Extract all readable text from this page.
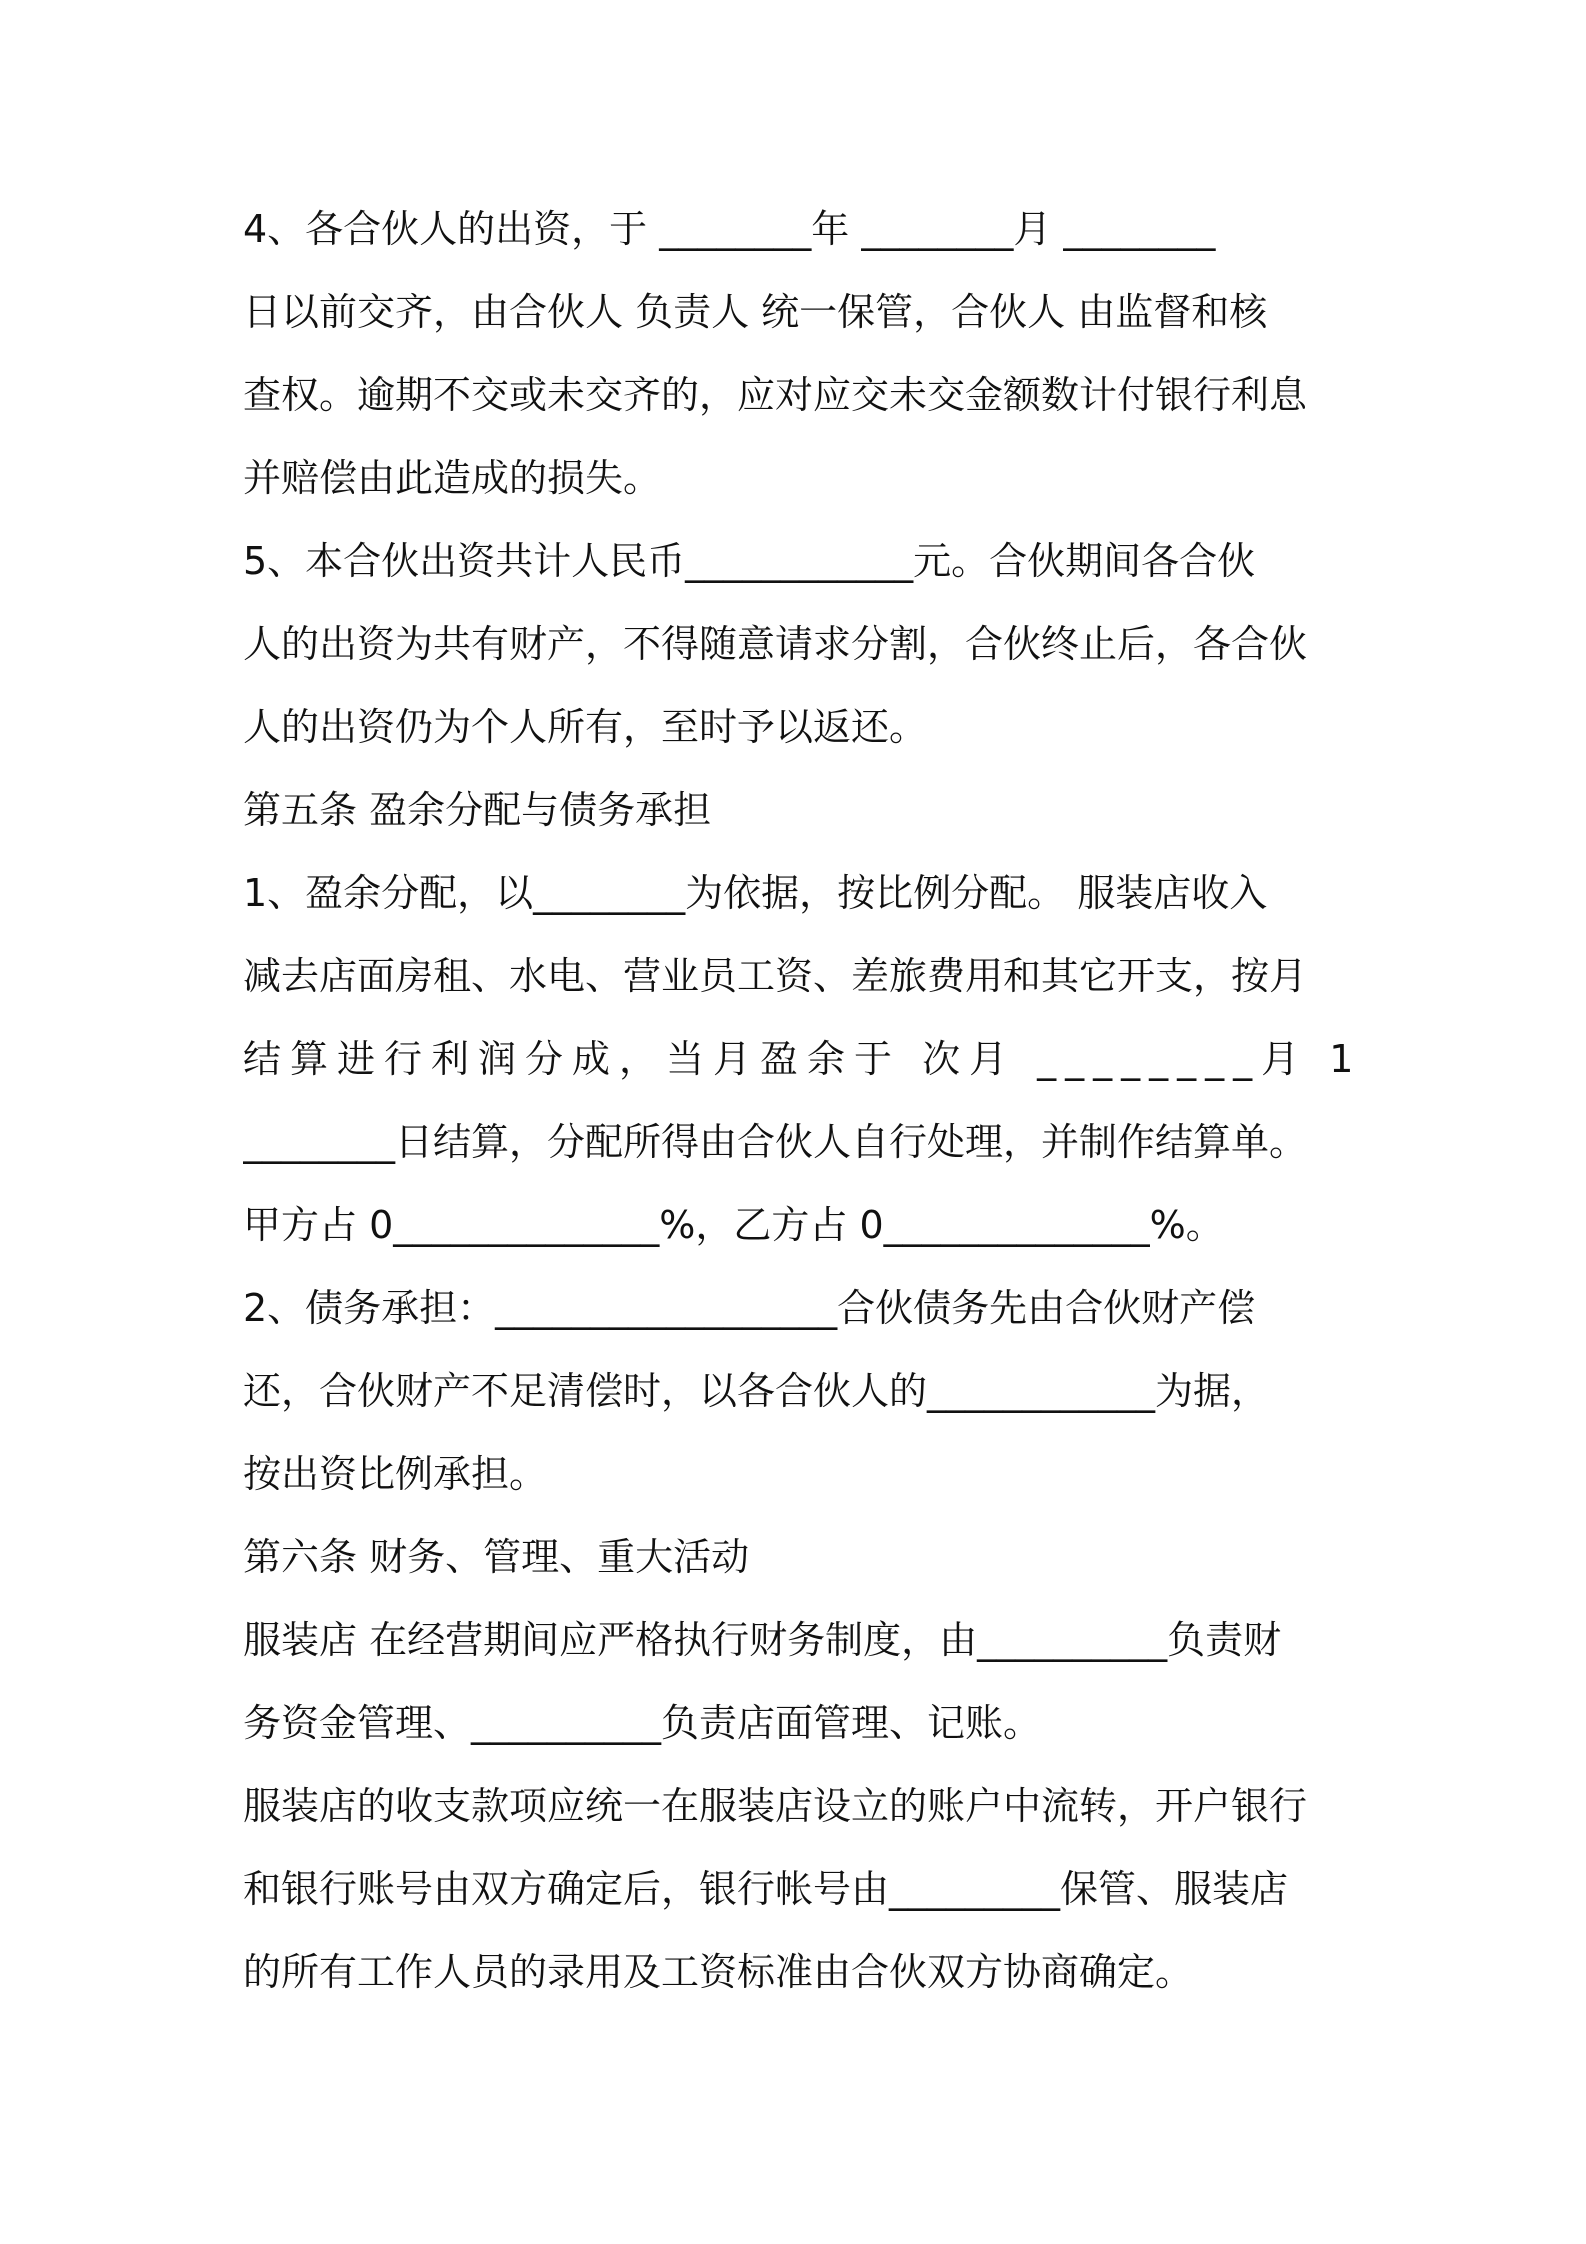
4、各合伙人的出资，于 ________年 ________月 ________
日以前交齐，由合伙人 负责人 统一保管，合伙人 由监督和核
查权。逾期不交或未交齐的，应对应交未交金额数计付银行利息
并赔偿由此造成的损失。
5、本合伙出资共计人民币____________元。合伙期间各合伙
人的出资为共有财产，不得随意请求分割，合伙终止后，各合伙
人的出资仍为个人所有，至时予以返还。
第五条 盈余分配与债务承担
1、盈余分配，以________为依据，按比例分配。 服装店收入
减去店面房租、水电、营业员工资、差旅费用和其它开支，按月
结算进行利润分成，当月盈余于 次月 ________月 1
________日结算，分配所得由合伙人自行处理，并制作结算单。
甲方占 0______________%，乙方占 0______________%。
2、债务承担：__________________合伙债务先由合伙财产偿
还，合伙财产不足清偿时，以各合伙人的____________为据，
按出资比例承担。
第六条 财务、管理、重大活动
服装店 在经营期间应严格执行财务制度，由__________负责财
务资金管理、__________负责店面管理、记账。
服装店的收支款项应统一在服装店设立的账户中流转，开户银行
和银行账号由双方确定后，银行帐号由_________保管、服装店
的所有工作人员的录用及工资标准由合伙双方协商确定。
